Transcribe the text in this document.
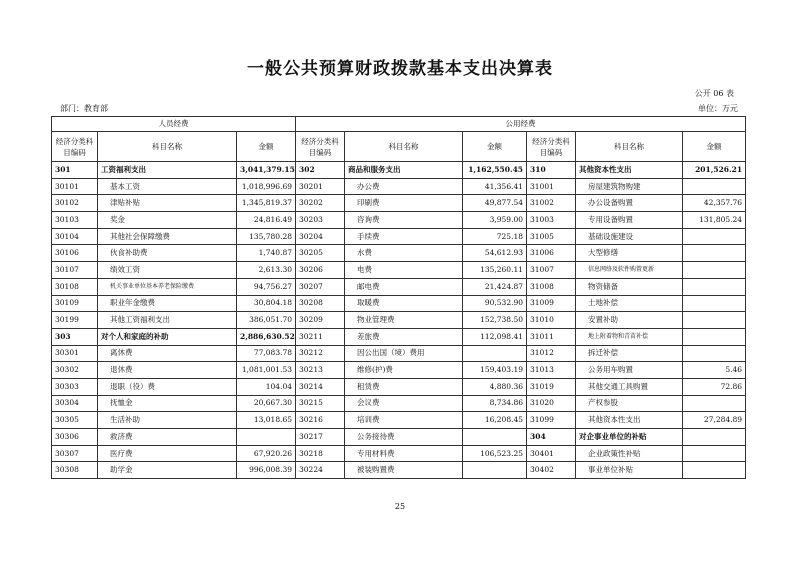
一般公共预算财政拨款基本支出决算表
公开 06 表
部门：教育部	单位：万元
人员经费			公用经费					
经济分类科目编码	科目名称	金额	经济分类科目编码	科目名称	金额	经济分类科目编码	科目名称	金额
301	工资福利支出	3,041,379.15	302	商品和服务支出	1,162,550.45	310	其他资本性支出	201,526.21
30101	基本工资	1,018,996.69	30201	办公费	41,356.41	31001	房屋建筑物购建	
30102	津贴补贴	1,345,819.37	30202	印刷费	49,877.54	31002	办公设备购置	42,357.76
30103	奖金	24,816.49	30203	咨询费	3,959.00	31003	专用设备购置	131,805.24
30104	其他社会保障缴费	135,780.28	30204	手续费	725.18	31005	基础设施建设	
30106	伙食补助费	1,740.87	30205	水费	54,612.93	31006	大型修缮	
30107	绩效工资	2,613.30	30206	电费	135,260.11	31007	信息网络及软件购置更新	
30108	机关事业单位基本养老保险缴费	94,756.27	30207	邮电费	21,424.87	31008	物资储备	
30109	职业年金缴费	30,804.18	30208	取暖费	90,532.90	31009	土地补偿	
30199	其他工资福利支出	386,051.70	30209	物业管理费	152,738.50	31010	安置补助	
303	对个人和家庭的补助	2,886,630.52	30211	差旅费	112,098.41	31011	地上附着物和青苗补偿	
30301	离休费	77,083.78	30212	因公出国（境）费用		31012	拆迁补偿	
30302	退休费	1,081,001.53	30213	维修(护)费	159,403.19	31013	公务用车购置	5.46
30303	退职（役）费	104.04	30214	租赁费	4,880.36	31019	其他交通工具购置	72.86
30304	抚恤金	20,667.30	30215	会议费	8,734.86	31020	产权参股	
30305	生活补助	13,018.65	30216	培训费	16,208.45	31099	其他资本性支出	27,284.89
30306	救济费		30217	公务接待费		304	对企事业单位的补贴	
30307	医疗费	67,920.26	30218	专用材料费	106,523.25	30401	企业政策性补贴	
30308	助学金	996,008.39	30224	被装购置费		30402	事业单位补贴	
25
